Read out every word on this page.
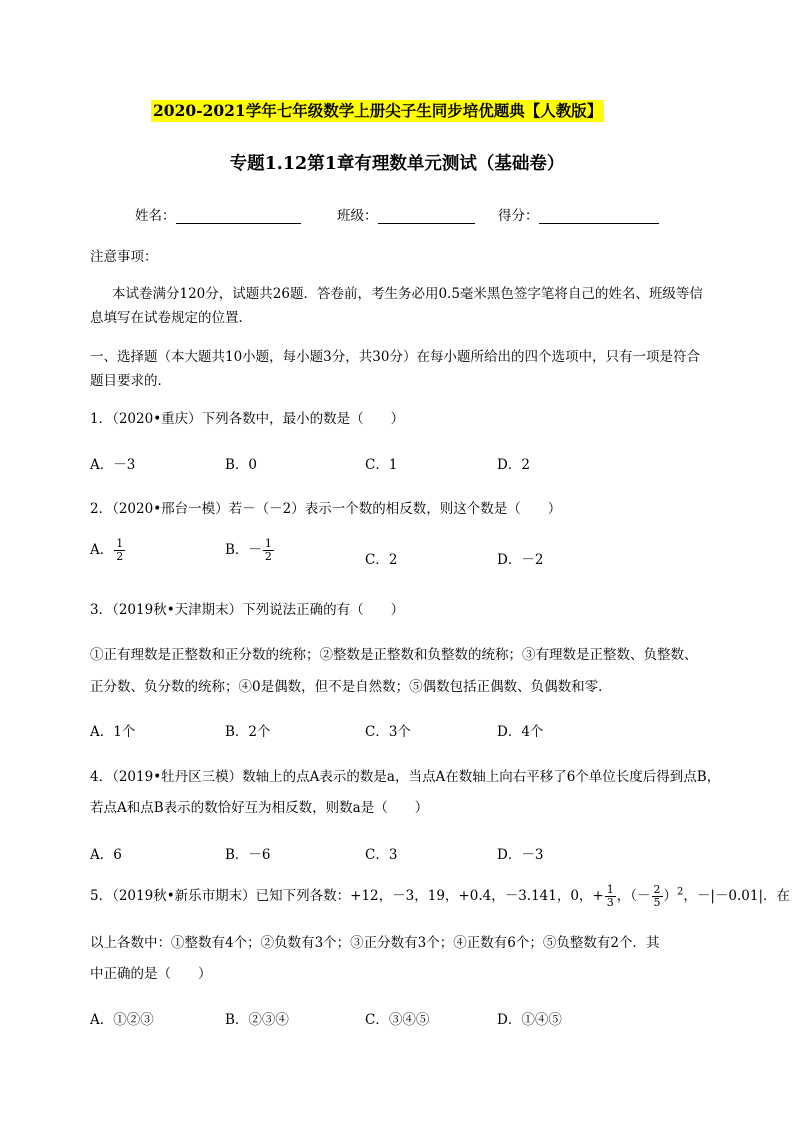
2020-2021学年七年级数学上册尖子生同步培优题典【人教版】
专题1.12第1章有理数单元测试（基础卷）
姓名：	班级：	得分：
注意事项：
本试卷满分120分，试题共26题．答卷前，考生务必用0.5毫米黑色签字笔将自己的姓名、班级等信
息填写在试卷规定的位置．
一、选择题（本大题共10小题，每小题3分，共30分）在每小题所给出的四个选项中，只有一项是符合
题目要求的．
1．（2020•重庆）下列各数中，最小的数是（　　）
A．－3	B．0	C．1	D．2
2．（2020•邢台一模）若－（－2）表示一个数的相反数，则这个数是（　　）
A． $\frac{1}{2}$	B．－ $\frac{1}{2}$	C．2	D．－2
3．（2019秋•天津期末）下列说法正确的有（　　）
①正有理数是正整数和正分数的统称；②整数是正整数和负整数的统称；③有理数是正整数、负整数、
正分数、负分数的统称；④0是偶数，但不是自然数；⑤偶数包括正偶数、负偶数和零．
A．1个	B．2个	C．3个	D．4个
4．（2019•牡丹区三模）数轴上的点A表示的数是a，当点A在数轴上向右平移了6个单位长度后得到点B，
若点A和点B表示的数恰好互为相反数，则数a是（　　）
A．6	B．－6	C．3	D．－3
5．（2019秋•新乐市期末）已知下列各数：+12，－3，19，+0.4，－3.141，0，+ $\frac{1}{3}$ ，（－ $\frac{2}{5} )^2$，－|－0.01|．在
以上各数中：①整数有4个；②负数有3个；③正分数有3个；④正数有6个；⑤负整数有2个．其
中正确的是（　　）
A．①②③	B．②③④	C．③④⑤	D．①④⑤
